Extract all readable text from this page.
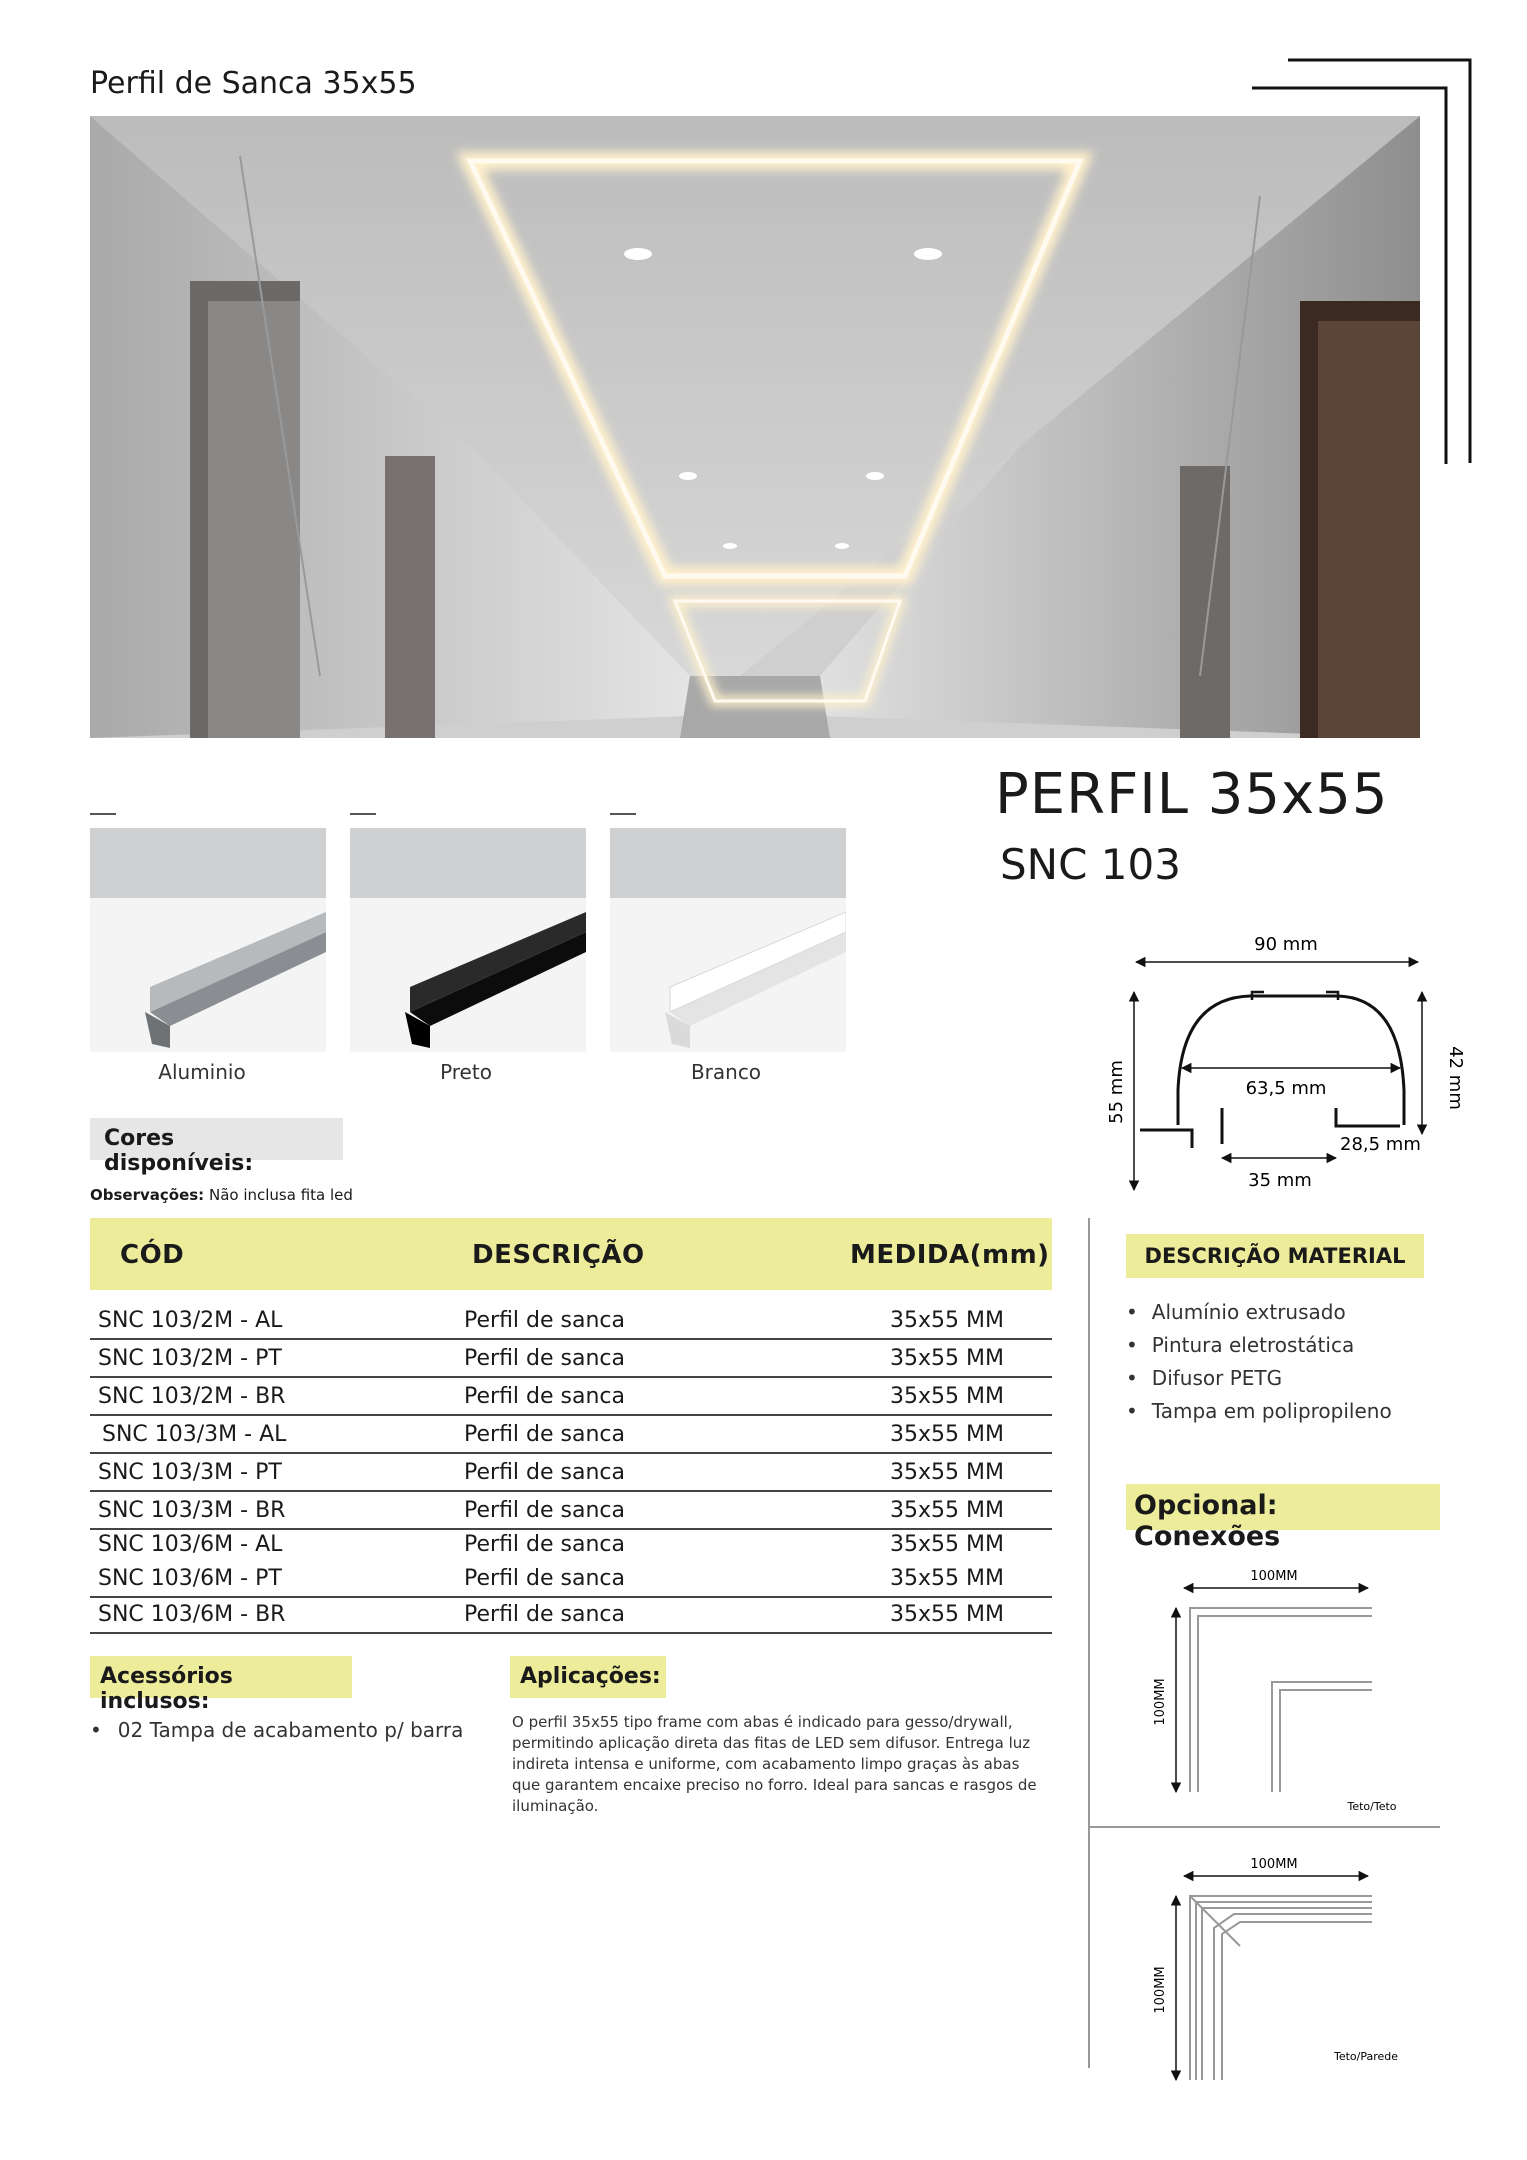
Perfil de Sanca 35x55
PERFIL 35x55
SNC 103
Aluminio	Preto	Branco
Cores disponíveis:
Observações: Não inclusa fita led
90 mm
55 mm	42 mm
63,5 mm
28,5 mm
35 mm
CÓD	DESCRIÇÃO	MEDIDA(mm)
SNC 103/2M - AL	Perfil de sanca	35x55 MM
SNC 103/2M - PT	Perfil de sanca	35x55 MM
SNC 103/2M - BR	Perfil de sanca	35x55 MM
SNC 103/3M - AL	Perfil de sanca	35x55 MM
SNC 103/3M - PT	Perfil de sanca	35x55 MM
SNC 103/3M - BR	Perfil de sanca	35x55 MM
SNC 103/6M - AL	Perfil de sanca	35x55 MM
SNC 103/6M - PT	Perfil de sanca	35x55 MM
SNC 103/6M - BR	Perfil de sanca	35x55 MM
DESCRIÇÃO MATERIAL
• Alumínio extrusado
• Pintura eletrostática
• Difusor PETG
• Tampa em polipropileno
Opcional: Conexões
100MM
100MM
Teto/Teto
100MM
100MM
Teto/Parede
Acessórios inclusos:
• 02 Tampa de acabamento p/ barra
Aplicações:
O perfil 35x55 tipo frame com abas é indicado para gesso/drywall, permitindo aplicação direta das fitas de LED sem difusor. Entrega luz indireta intensa e uniforme, com acabamento limpo graças às abas que garantem encaixe preciso no forro. Ideal para sancas e rasgos de iluminação.
